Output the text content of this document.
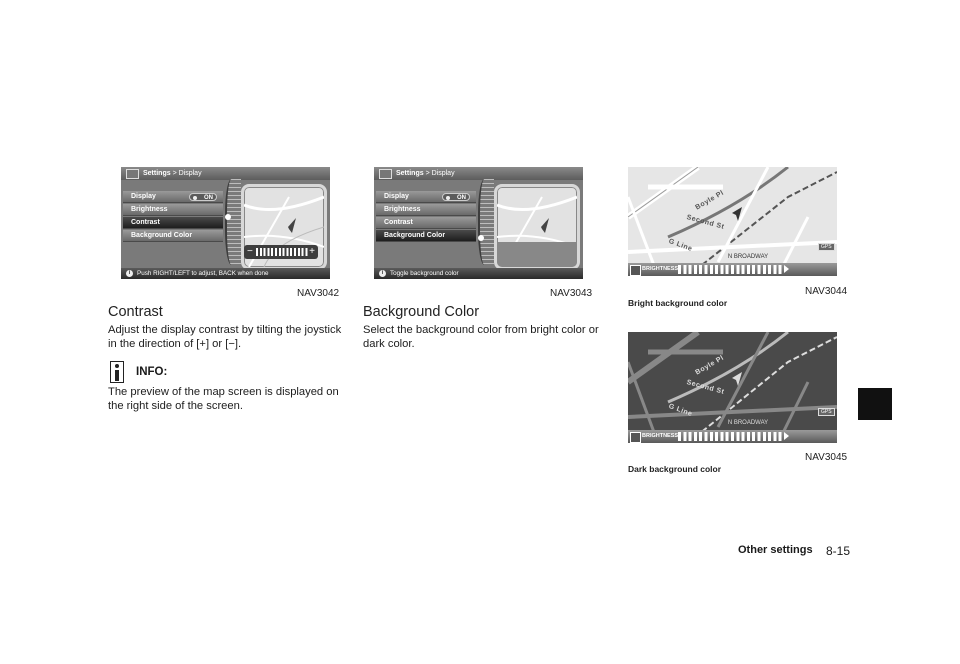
Settings > Display
Display	ON
Brightness
Contrast
Background Color
−	+
i Push RIGHT/LEFT to adjust, BACK when done
NAV3042
Settings > Display
Display	ON
Brightness
Contrast
Background Color
i Toggle background color
NAV3043
Boyle Pl
Second St
G Line	GPS
N BROADWAY
BRIGHTNESS
NAV3044
Bright background color
Boyle Pl
Second St
G Line	GPS
N BROADWAY
BRIGHTNESS
NAV3045
Dark background color
Contrast
Adjust the display contrast by tilting the joystick
in the direction of [+] or [−].
INFO:
The preview of the map screen is displayed on
the right side of the screen.
Background Color
Select the background color from bright color or
dark color.
Other settings 8-15
